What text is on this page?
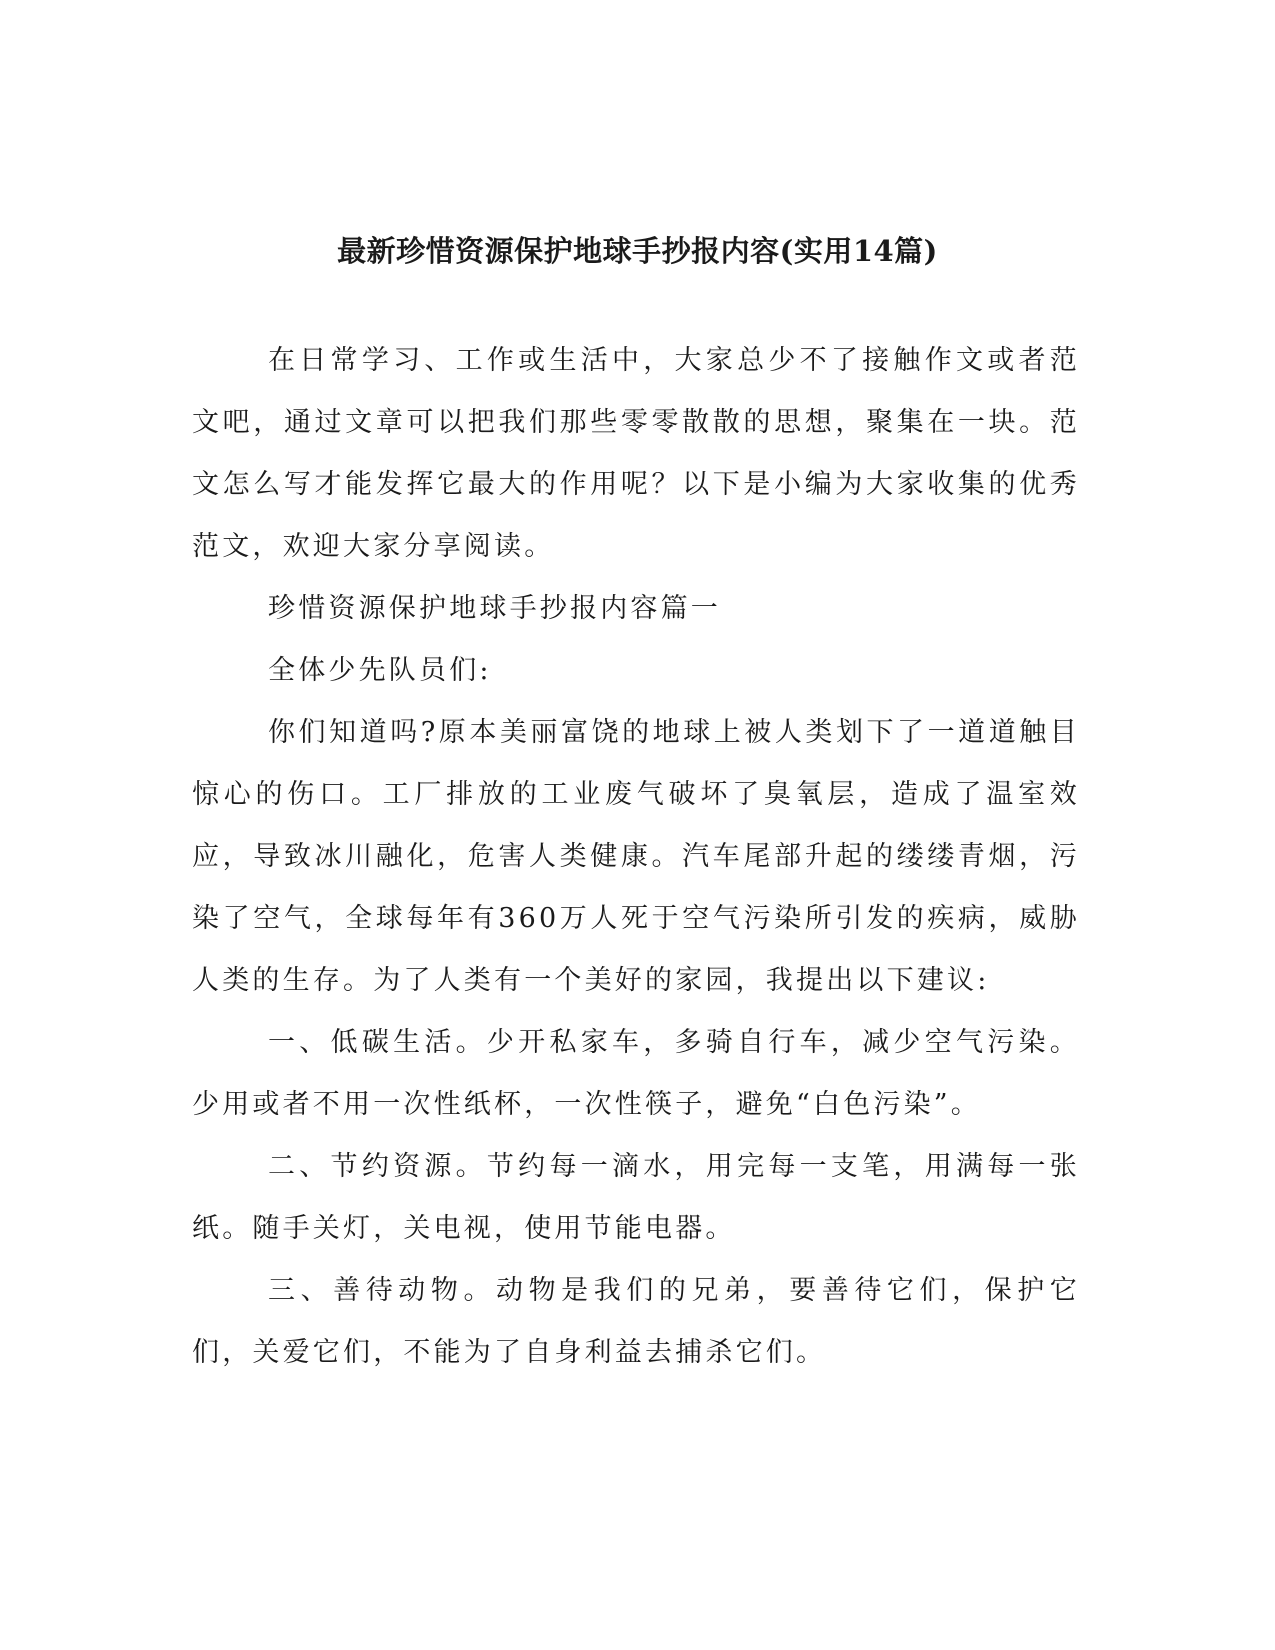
最新珍惜资源保护地球手抄报内容(实用14篇)

在日常学习、工作或生活中，大家总少不了接触作文或者范文吧，通过文章可以把我们那些零零散散的思想，聚集在一块。范文怎么写才能发挥它最大的作用呢？以下是小编为大家收集的优秀范文，欢迎大家分享阅读。

珍惜资源保护地球手抄报内容篇一

全体少先队员们:

你们知道吗?原本美丽富饶的地球上被人类划下了一道道触目惊心的伤口。工厂排放的工业废气破坏了臭氧层，造成了温室效应，导致冰川融化，危害人类健康。汽车尾部升起的缕缕青烟，污染了空气，全球每年有360万人死于空气污染所引发的疾病，威胁人类的生存。为了人类有一个美好的家园，我提出以下建议:

一、低碳生活。少开私家车，多骑自行车，减少空气污染。少用或者不用一次性纸杯，一次性筷子，避免“白色污染”。

二、节约资源。节约每一滴水，用完每一支笔，用满每一张纸。随手关灯，关电视，使用节能电器。

三、善待动物。动物是我们的兄弟，要善待它们，保护它们，关爱它们，不能为了自身利益去捕杀它们。
